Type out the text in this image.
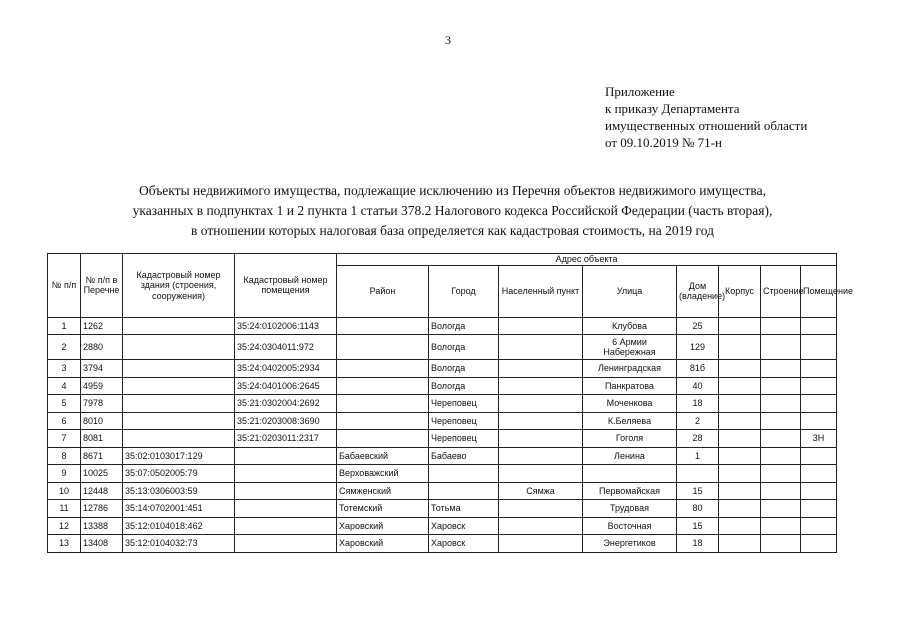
3
Приложение
к приказу Департамента
имущественных отношений области
от 09.10.2019 № 71-н
Объекты недвижимого имущества, подлежащие исключению из Перечня объектов недвижимого имущества,
указанных в подпунктах 1 и 2 пункта 1 статьи 378.2 Налогового кодекса Российской Федерации (часть вторая),
в отношении которых налоговая база определяется как кадастровая стоимость, на 2019 год
№ п/п	№ п/п в Перечне	Кадастровый номер здания (строения, сооружения)	Кадастровый номер помещения	Адрес объекта							
				Район	Город	Населенный пункт	Улица	Дом (владение)	Корпус	Строение	Помещение
1	1262		35:24:0102006:1143		Вологда		Клубова	25			
2	2880		35:24:0304011:972		Вологда		6 Армии Набережная	129			
3	3794		35:24:0402005:2934		Вологда		Ленинградская	81б			
4	4959		35:24:0401006:2645		Вологда		Панкратова	40			
5	7978		35:21:0302004:2692		Череповец		Моченкова	18			
6	8010		35:21:0203008:3690		Череповец		К.Беляева	2			
7	8081		35:21:0203011:2317		Череповец		Гоголя	28			3Н
8	8671	35:02:0103017:129		Бабаевский	Бабаево		Ленина	1			
9	10025	35:07:0502005:79		Верховажский							
10	12448	35:13:0306003:59		Сямженский		Сямжа	Первомайская	15			
11	12786	35:14:0702001:451		Тотемский	Тотьма		Трудовая	80			
12	13388	35:12:0104018:462		Харовский	Харовск		Восточная	15			
13	13408	35:12:0104032:73		Харовский	Харовск		Энергетиков	18			
